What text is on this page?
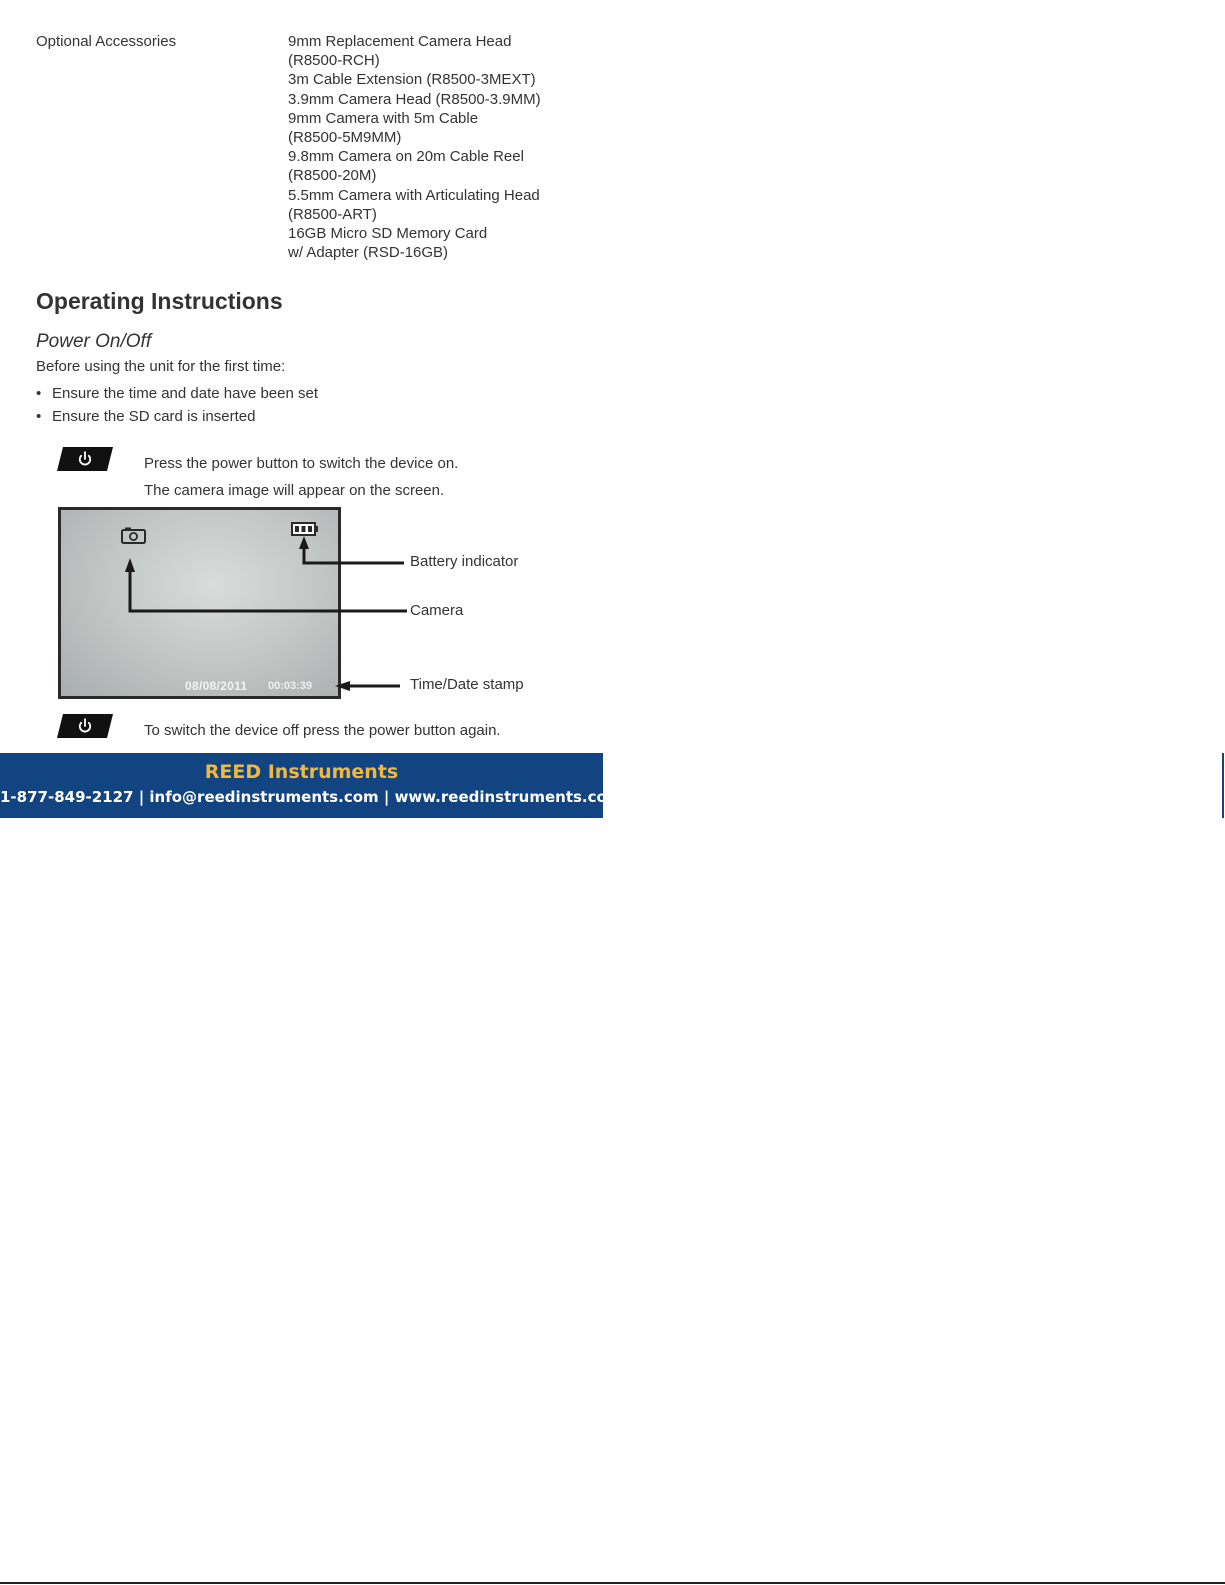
Optional Accessories	9mm Replacement Camera Head
(R8500-RCH)
3m Cable Extension (R8500-3MEXT)
3.9mm Camera Head (R8500-3.9MM)
9mm Camera with 5m Cable
(R8500-5M9MM)
9.8mm Camera on 20m Cable Reel
(R8500-20M)
5.5mm Camera with Articulating Head
(R8500-ART)
16GB Micro SD Memory Card
w/ Adapter (RSD-16GB)
Operating Instructions
Power On/Off

Before using the unit for the first time:

• Ensure the time and date have been set
• Ensure the SD card is inserted
Press the power button to switch the device on.
The camera image will appear on the screen.
08/08/2011 00:03:39
Battery indicator
Camera
Time/Date stamp
To switch the device off press the power button again.
REED Instruments
1-877-849-2127 | info@reedinstruments.com | www.reedinstruments.com
